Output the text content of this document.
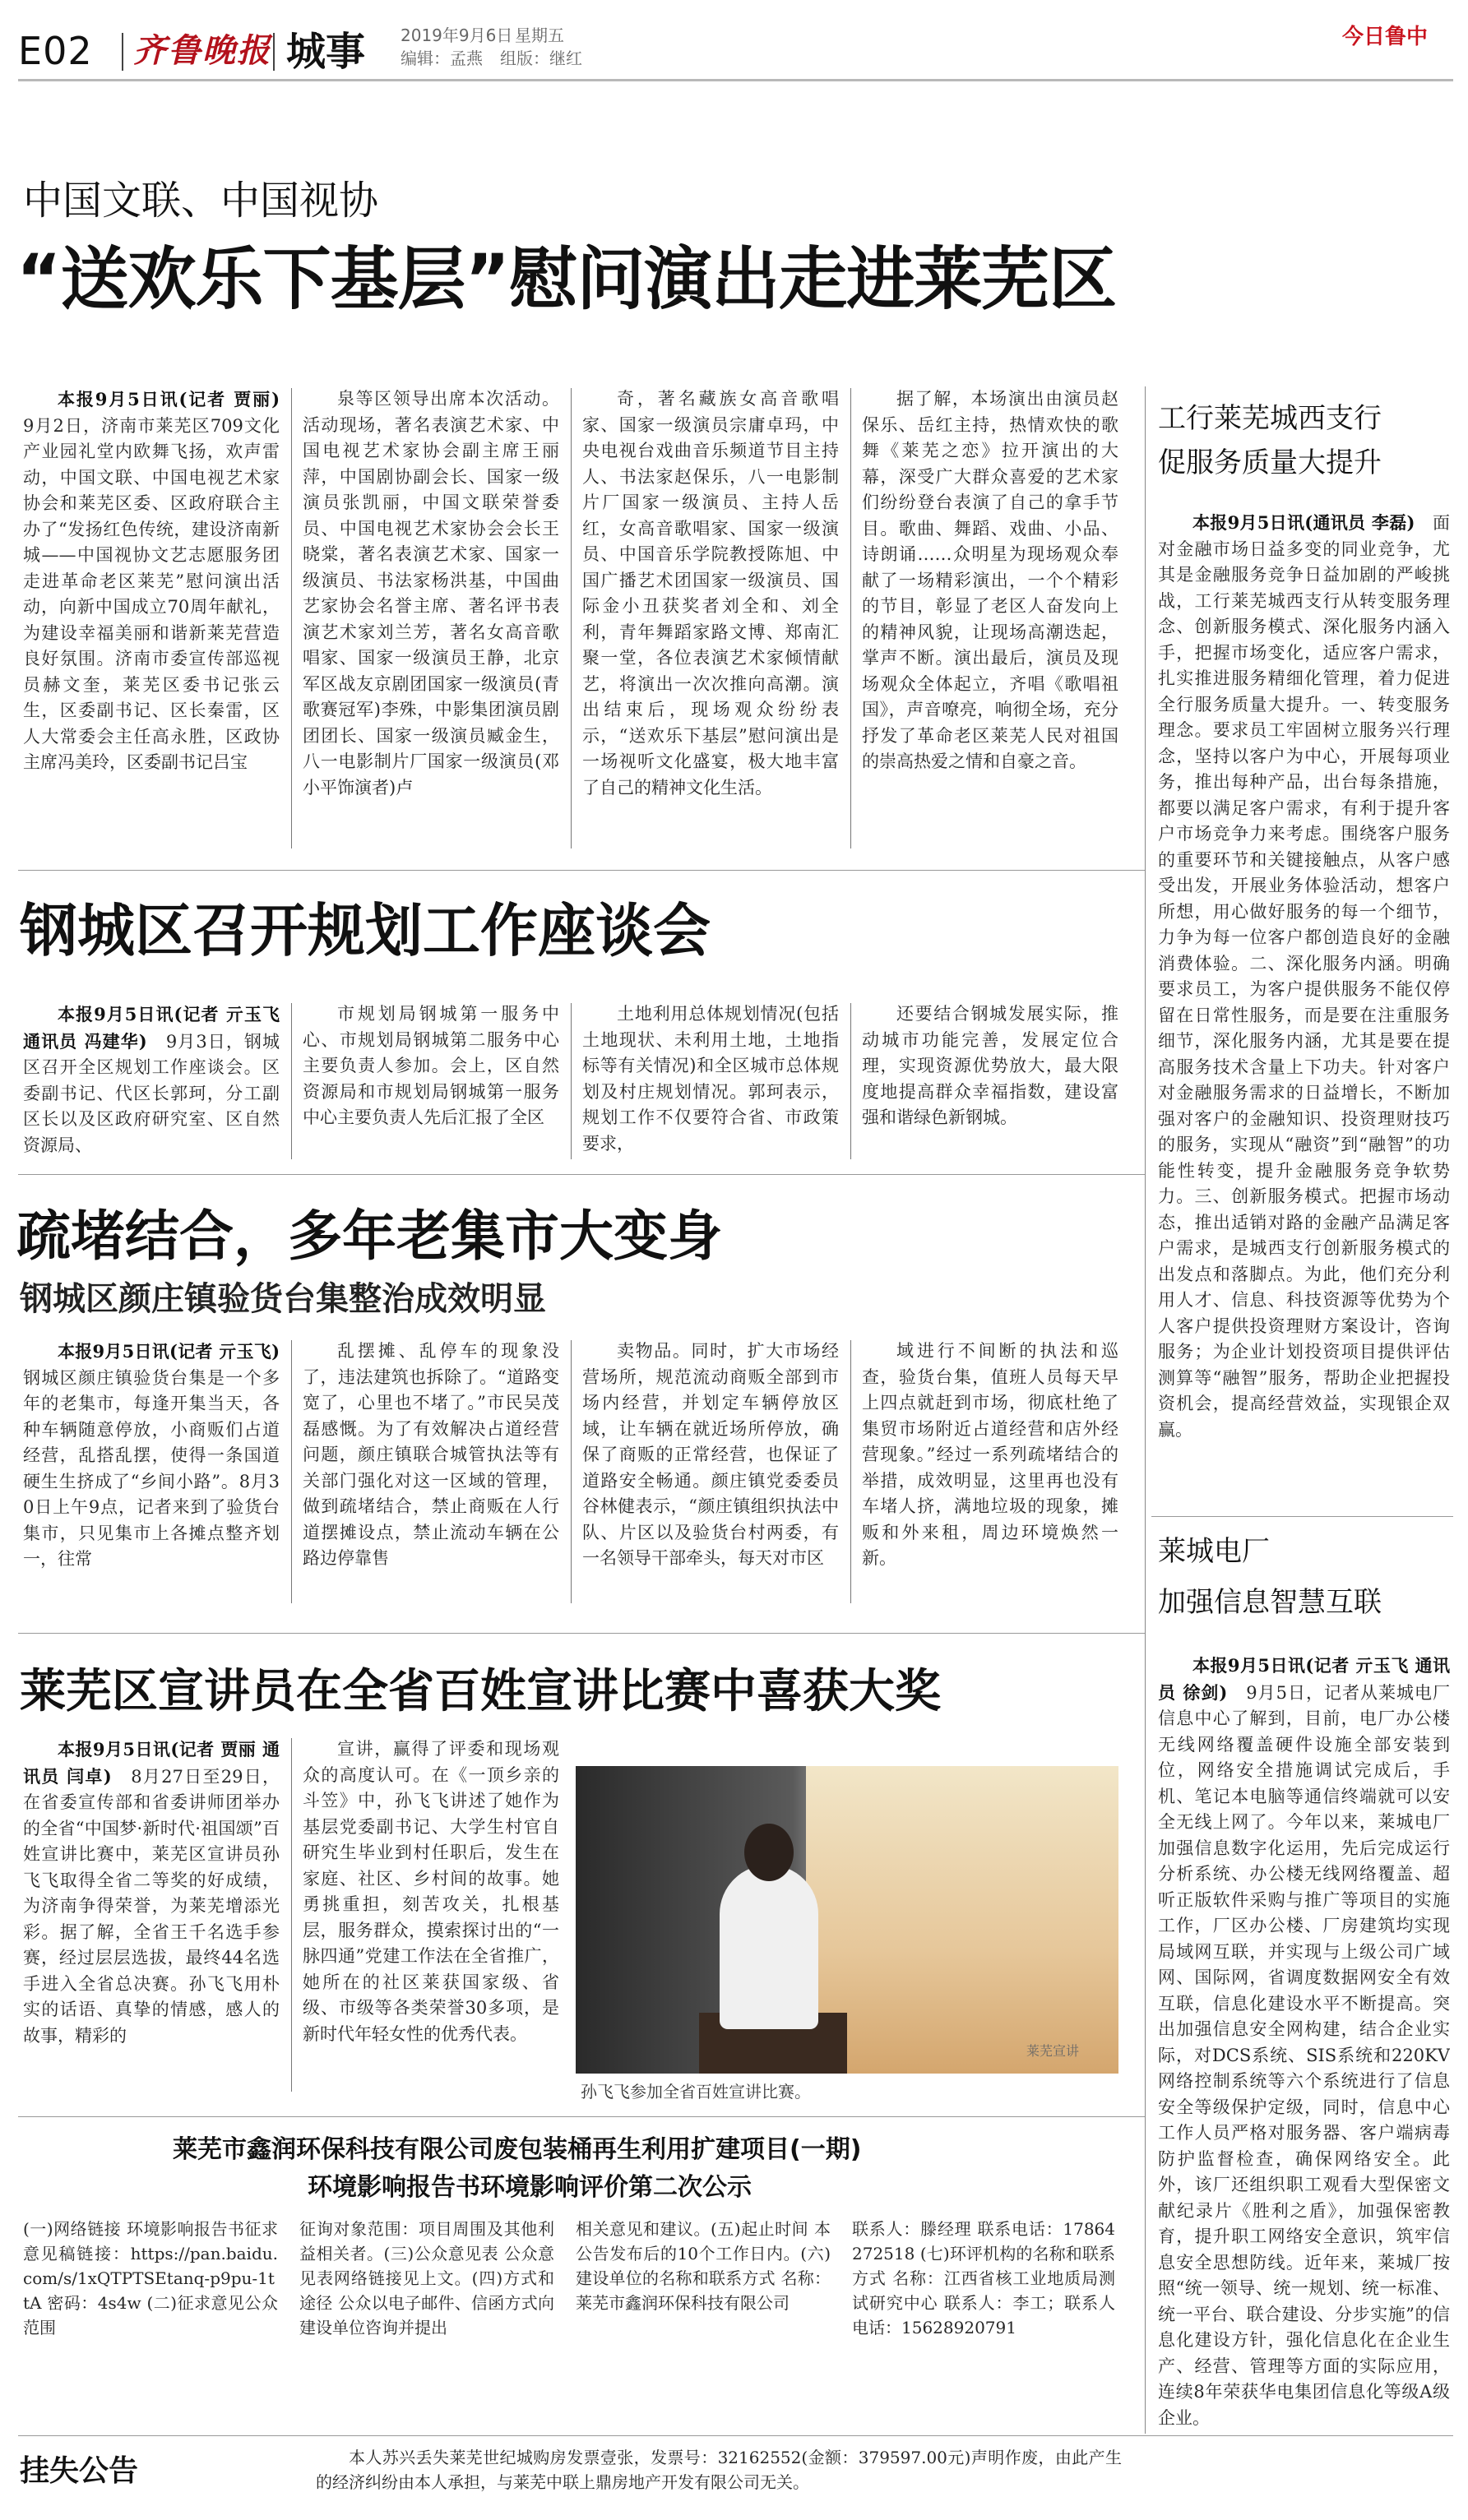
E02 齐鲁晚报 城事 2019年9月6日 星期五
编辑：孟燕 组版：继红
今日鲁中
中国文联、中国视协
“送欢乐下基层”慰问演出走进莱芜区
本报9月5日讯(记者 贾丽)　9月2日，济南市莱芜区709文化产业园礼堂内欧舞飞扬，欢声雷动，中国文联、中国电视艺术家协会和莱芜区委、区政府联合主办了“发扬红色传统，建设济南新城——中国视协文艺志愿服务团走进革命老区莱芜”慰问演出活动，向新中国成立70周年献礼，为建设幸福美丽和谐新莱芜营造良好氛围。济南市委宣传部巡视员赫文奎，莱芜区委书记张云生，区委副书记、区长秦雷，区人大常委会主任高永胜，区政协主席冯美玲，区委副书记吕宝
泉等区领导出席本次活动。活动现场，著名表演艺术家、中国电视艺术家协会副主席王丽萍，中国剧协副会长、国家一级演员张凯丽，中国文联荣誉委员、中国电视艺术家协会会长王晓棠，著名表演艺术家、国家一级演员、书法家杨洪基，中国曲艺家协会名誉主席、著名评书表演艺术家刘兰芳，著名女高音歌唱家、国家一级演员王静，北京军区战友京剧团国家一级演员(青歌赛冠军)李殊，中影集团演员剧团团长、国家一级演员臧金生，八一电影制片厂国家一级演员(邓小平饰演者)卢
奇，著名藏族女高音歌唱家、国家一级演员宗庸卓玛，中央电视台戏曲音乐频道节目主持人、书法家赵保乐，八一电影制片厂国家一级演员、主持人岳红，女高音歌唱家、国家一级演员、中国音乐学院教授陈旭、中国广播艺术团国家一级演员、国际金小丑获奖者刘全和、刘全利，青年舞蹈家路文博、郑南汇聚一堂，各位表演艺术家倾情献艺，将演出一次次推向高潮。演出结束后，现场观众纷纷表示，“送欢乐下基层”慰问演出是一场视听文化盛宴，极大地丰富了自己的精神文化生活。
据了解，本场演出由演员赵保乐、岳红主持，热情欢快的歌舞《莱芜之恋》拉开演出的大幕，深受广大群众喜爱的艺术家们纷纷登台表演了自己的拿手节目。歌曲、舞蹈、戏曲、小品、诗朗诵……众明星为现场观众奉献了一场精彩演出，一个个精彩的节目，彰显了老区人奋发向上的精神风貌，让现场高潮迭起，掌声不断。演出最后，演员及现场观众全体起立，齐唱《歌唱祖国》，声音嘹亮，响彻全场，充分抒发了革命老区莱芜人民对祖国的崇高热爱之情和自豪之音。
钢城区召开规划工作座谈会
本报9月5日讯(记者 亓玉飞 通讯员 冯建华)　 9月3日，钢城区召开全区规划工作座谈会。区委副书记、代区长郭珂，分工副区长以及区政府研究室、区自然资源局、
市规划局钢城第一服务中心、市规划局钢城第二服务中心主要负责人参加。会上，区自然资源局和市规划局钢城第一服务中心主要负责人先后汇报了全区
土地利用总体规划情况(包括土地现状、未利用土地，土地指标等有关情况)和全区城市总体规划及村庄规划情况。郭珂表示，规划工作不仅要符合省、市政策要求，
还要结合钢城发展实际，推动城市功能完善，发展定位合理，实现资源优势放大，最大限度地提高群众幸福指数，建设富强和谐绿色新钢城。
疏堵结合，多年老集市大变身
钢城区颜庄镇验货台集整治成效明显
本报9月5日讯(记者 亓玉飞)　钢城区颜庄镇验货台集是一个多年的老集市，每逢开集当天，各种车辆随意停放，小商贩们占道经营，乱搭乱摆，使得一条国道硬生生挤成了“乡间小路”。8月30日上午9点，记者来到了验货台集市，只见集市上各摊点整齐划一，往常
乱摆摊、乱停车的现象没了，违法建筑也拆除了。“道路变宽了，心里也不堵了。”市民吴茂磊感慨。为了有效解决占道经营问题，颜庄镇联合城管执法等有关部门强化对这一区域的管理，做到疏堵结合，禁止商贩在人行道摆摊设点，禁止流动车辆在公路边停靠售
卖物品。同时，扩大市场经营场所，规范流动商贩全部到市场内经营，并划定车辆停放区域，让车辆在就近场所停放，确保了商贩的正常经营，也保证了道路安全畅通。颜庄镇党委委员谷林健表示，“颜庄镇组织执法中队、片区以及验货台村两委，有一名领导干部牵头，每天对市区
域进行不间断的执法和巡查，验货台集，值班人员每天早上四点就赶到市场，彻底杜绝了集贸市场附近占道经营和店外经营现象。”经过一系列疏堵结合的举措，成效明显，这里再也没有车堵人挤，满地垃圾的现象，摊贩和外来租，周边环境焕然一新。
莱芜区宣讲员在全省百姓宣讲比赛中喜获大奖
本报9月5日讯(记者 贾丽 通讯员 闫卓)　 8月27日至29日，在省委宣传部和省委讲师团举办的全省“中国梦·新时代·祖国颂”百姓宣讲比赛中，莱芜区宣讲员孙飞飞取得全省二等奖的好成绩，为济南争得荣誉，为莱芜增添光彩。据了解，全省王千名选手参赛，经过层层选拔，最终44名选手进入全省总决赛。孙飞飞用朴实的话语、真挚的情感，感人的故事，精彩的
宣讲，赢得了评委和现场观众的高度认可。在《一顶乡亲的斗笠》中，孙飞飞讲述了她作为基层党委副书记、大学生村官自研究生毕业到村任职后，发生在家庭、社区、乡村间的故事。她勇挑重担，刻苦攻关，扎根基层，服务群众，摸索探讨出的“一脉四通”党建工作法在全省推广，她所在的社区莱获国家级、省级、市级等各类荣誉30多项，是新时代年轻女性的优秀代表。
莱芜宣讲
孙飞飞参加全省百姓宣讲比赛。
莱芜市鑫润环保科技有限公司废包装桶再生利用扩建项目(一期)
环境影响报告书环境影响评价第二次公示
(一)网络链接 环境影响报告书征求意见稿链接：https://pan.baidu.com/s/1xQTPTSEtanq-p9pu-1ttA 密码：4s4w (二)征求意见公众范围
征询对象范围：项目周围及其他利益相关者。(三)公众意见表 公众意见表网络链接见上文。(四)方式和途径 公众以电子邮件、信函方式向建设单位咨询并提出
相关意见和建议。(五)起止时间 本公告发布后的10个工作日内。(六)建设单位的名称和联系方式 名称：莱芜市鑫润环保科技有限公司
联系人：滕经理 联系电话：17864272518 (七)环评机构的名称和联系方式 名称：江西省核工业地质局测试研究中心 联系人：李工；联系人电话：15628920791
挂失公告	本人苏兴丢失莱芜世纪城购房发票壹张，发票号：32162552(金额：379597.00元)声明作废，由此产生的经济纠纷由本人承担，与莱芜中联上鼎房地产开发有限公司无关。
工行莱芜城西支行
促服务质量大提升
本报9月5日讯(通讯员 李磊)　 面对金融市场日益多变的同业竞争，尤其是金融服务竞争日益加剧的严峻挑战，工行莱芜城西支行从转变服务理念、创新服务模式、深化服务内涵入手，把握市场变化，适应客户需求，扎实推进服务精细化管理，着力促进全行服务质量大提升。一、转变服务理念。要求员工牢固树立服务兴行理念，坚持以客户为中心，开展每项业务，推出每种产品，出台每条措施，都要以满足客户需求，有利于提升客户市场竞争力来考虑。围绕客户服务的重要环节和关键接触点，从客户感受出发，开展业务体验活动，想客户所想，用心做好服务的每一个细节，力争为每一位客户都创造良好的金融消费体验。二、深化服务内涵。明确要求员工，为客户提供服务不能仅停留在日常性服务，而是要在注重服务细节，深化服务内涵，尤其是要在提高服务技术含量上下功夫。针对客户对金融服务需求的日益增长，不断加强对客户的金融知识、投资理财技巧的服务，实现从“融资”到“融智”的功能性转变，提升金融服务竞争软势力。三、创新服务模式。把握市场动态，推出适销对路的金融产品满足客户需求，是城西支行创新服务模式的出发点和落脚点。为此，他们充分利用人才、信息、科技资源等优势为个人客户提供投资理财方案设计，咨询服务；为企业计划投资项目提供评估测算等“融智”服务，帮助企业把握投资机会，提高经营效益，实现银企双赢。
莱城电厂
加强信息智慧互联
本报9月5日讯(记者 亓玉飞 通讯员 徐剑)　 9月5日，记者从莱城电厂信息中心了解到，目前，电厂办公楼无线网络覆盖硬件设施全部安装到位，网络安全措施调试完成后，手机、笔记本电脑等通信终端就可以安全无线上网了。今年以来，莱城电厂加强信息数字化运用，先后完成运行分析系统、办公楼无线网络覆盖、超听正版软件采购与推广等项目的实施工作，厂区办公楼、厂房建筑均实现局域网互联，并实现与上级公司广域网、国际网，省调度数据网安全有效互联，信息化建设水平不断提高。突出加强信息安全网构建，结合企业实际，对DCS系统、SIS系统和220KV网络控制系统等六个系统进行了信息安全等级保护定级，同时，信息中心工作人员严格对服务器、客户端病毒防护监督检查，确保网络安全。此外，该厂还组织职工观看大型保密文献纪录片《胜利之盾》，加强保密教育，提升职工网络安全意识，筑牢信息安全思想防线。近年来，莱城厂按照“统一领导、统一规划、统一标准、统一平台、联合建设、分步实施”的信息化建设方针，强化信息化在企业生产、经营、管理等方面的实际应用，连续8年荣获华电集团信息化等级A级企业。
